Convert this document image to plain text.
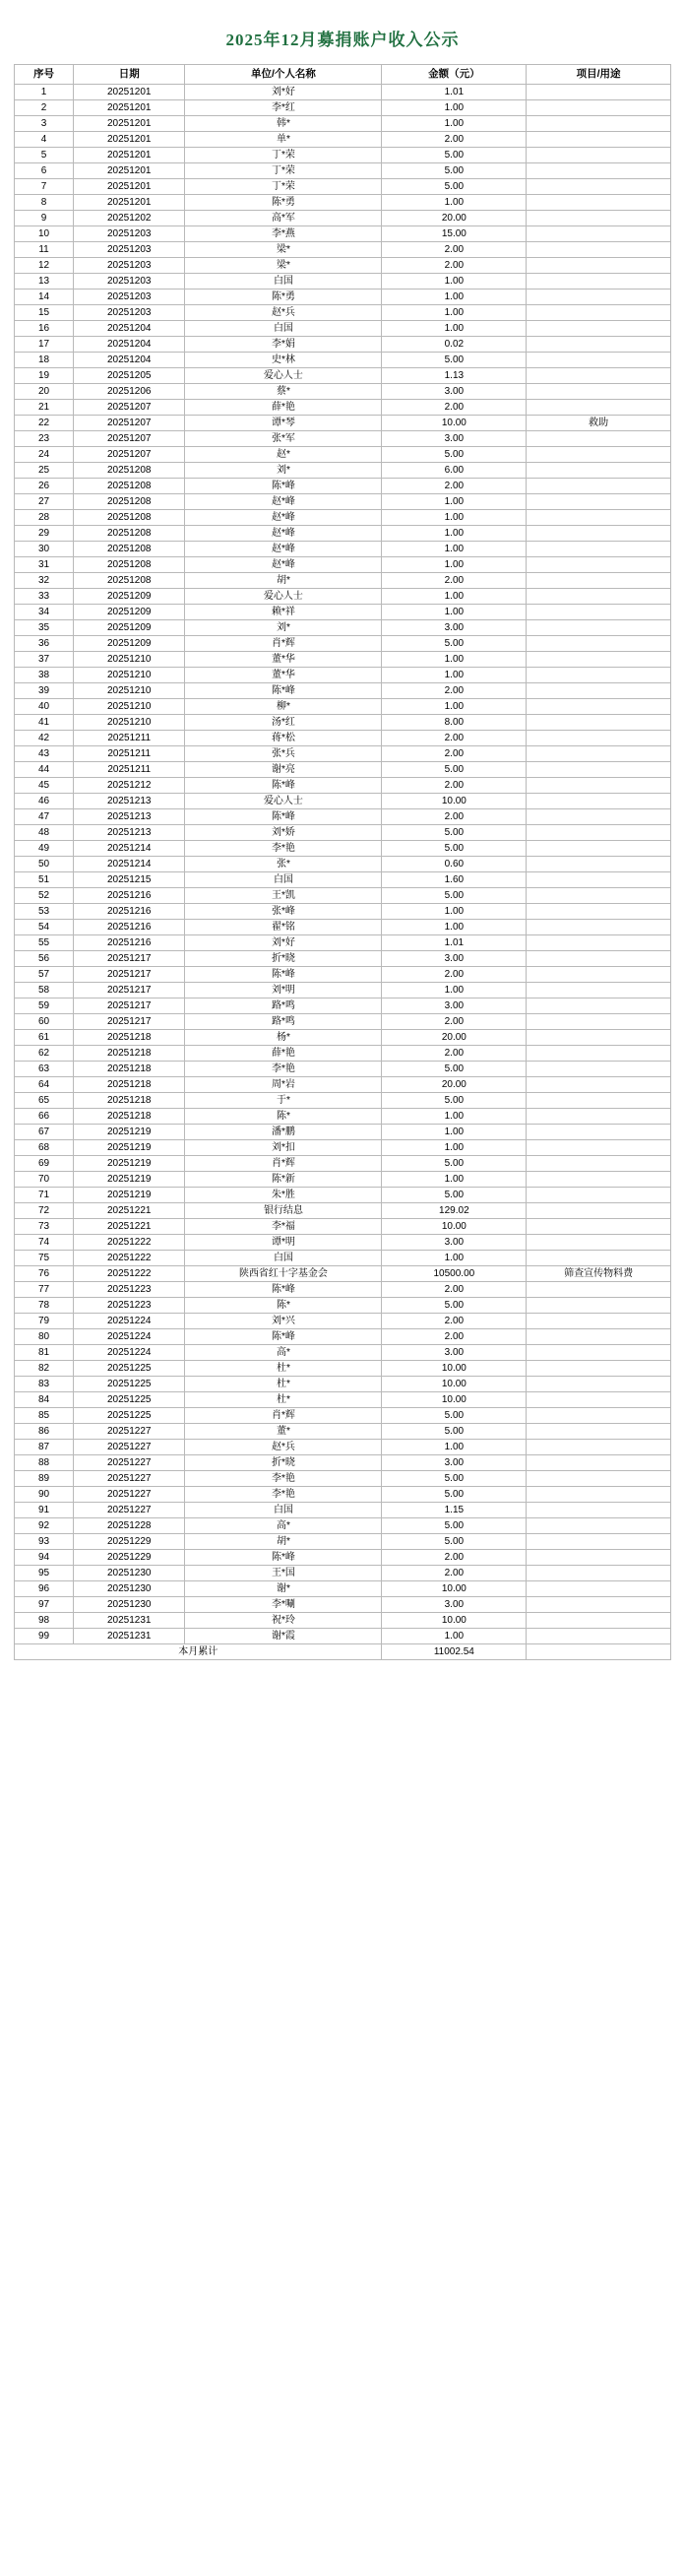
2025年12月募捐账户收入公示
序号	日期	单位/个人名称	金额（元）	项目/用途
1	20251201	刘*好	1.01	
2	20251201	李*红	1.00	
3	20251201	韩*	1.00	
4	20251201	单*	2.00	
5	20251201	丁*荣	5.00	
6	20251201	丁*荣	5.00	
7	20251201	丁*荣	5.00	
8	20251201	陈*勇	1.00	
9	20251202	高*军	20.00	
10	20251203	李*燕	15.00	
11	20251203	梁*	2.00	
12	20251203	梁*	2.00	
13	20251203	白国	1.00	
14	20251203	陈*勇	1.00	
15	20251203	赵*兵	1.00	
16	20251204	白国	1.00	
17	20251204	李*娟	0.02	
18	20251204	史*林	5.00	
19	20251205	爱心人士	1.13	
20	20251206	蔡*	3.00	
21	20251207	薛*艳	2.00	
22	20251207	谭*琴	10.00	救助
23	20251207	张*军	3.00	
24	20251207	赵*	5.00	
25	20251208	刘*	6.00	
26	20251208	陈*峰	2.00	
27	20251208	赵*峰	1.00	
28	20251208	赵*峰	1.00	
29	20251208	赵*峰	1.00	
30	20251208	赵*峰	1.00	
31	20251208	赵*峰	1.00	
32	20251208	胡*	2.00	
33	20251209	爱心人士	1.00	
34	20251209	赖*祥	1.00	
35	20251209	刘*	3.00	
36	20251209	肖*辉	5.00	
37	20251210	董*华	1.00	
38	20251210	董*华	1.00	
39	20251210	陈*峰	2.00	
40	20251210	柳*	1.00	
41	20251210	汤*红	8.00	
42	20251211	蒋*松	2.00	
43	20251211	张*兵	2.00	
44	20251211	谢*亮	5.00	
45	20251212	陈*峰	2.00	
46	20251213	爱心人士	10.00	
47	20251213	陈*峰	2.00	
48	20251213	刘*娇	5.00	
49	20251214	李*艳	5.00	
50	20251214	张*	0.60	
51	20251215	白国	1.60	
52	20251216	王*凯	5.00	
53	20251216	张*峰	1.00	
54	20251216	翟*铭	1.00	
55	20251216	刘*好	1.01	
56	20251217	折*晓	3.00	
57	20251217	陈*峰	2.00	
58	20251217	刘*明	1.00	
59	20251217	路*鸣	3.00	
60	20251217	路*鸣	2.00	
61	20251218	杨*	20.00	
62	20251218	薛*艳	2.00	
63	20251218	李*艳	5.00	
64	20251218	周*岩	20.00	
65	20251218	于*	5.00	
66	20251218	陈*	1.00	
67	20251219	潘*鹏	1.00	
68	20251219	刘*扣	1.00	
69	20251219	肖*辉	5.00	
70	20251219	陈*新	1.00	
71	20251219	朱*胜	5.00	
72	20251221	银行结息	129.02	
73	20251221	李*福	10.00	
74	20251222	谭*明	3.00	
75	20251222	白国	1.00	
76	20251222	陕西省红十字基金会	10500.00	筛查宣传物料费
77	20251223	陈*峰	2.00	
78	20251223	陈*	5.00	
79	20251224	刘*兴	2.00	
80	20251224	陈*峰	2.00	
81	20251224	高*	3.00	
82	20251225	杜*	10.00	
83	20251225	杜*	10.00	
84	20251225	杜*	10.00	
85	20251225	肖*辉	5.00	
86	20251227	董*	5.00	
87	20251227	赵*兵	1.00	
88	20251227	折*晓	3.00	
89	20251227	李*艳	5.00	
90	20251227	李*艳	5.00	
91	20251227	白国	1.15	
92	20251228	高*	5.00	
93	20251229	胡*	5.00	
94	20251229	陈*峰	2.00	
95	20251230	王*国	2.00	
96	20251230	谢*	10.00	
97	20251230	李*唰	3.00	
98	20251231	祝*玲	10.00	
99	20251231	谢*霞	1.00	
本月累计			11002.54	
